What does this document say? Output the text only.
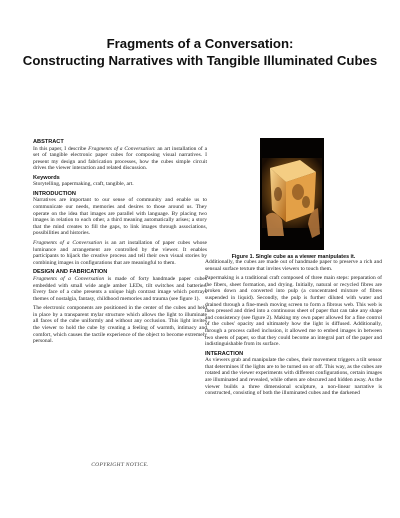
Fragments of a Conversation:
Constructing Narratives with Tangible Illuminated Cubes
ABSTRACT

In this paper, I describe Fragments of a Conversation: an art installation of a set of tangible electronic paper cubes for composing visual narratives. I present my design and fabrication processes, how the cubes simple circuit drives the viewer interaction and related discussion.

Keywords

Storytelling, papermaking, craft, tangible, art.

INTRODUCTION

Narratives are important to our sense of community and enable us to communicate our needs, memories and desires to those around us. They operate on the idea that images are parallel with language. By placing two images in relation to each other, a third meaning automatically arises; a story that the mind creates to fill the gaps, to link images through associations, possibilities and histories.

Fragments of a Conversation is an art installation of paper cubes whose luminance and arrangement are controlled by the viewer. It enables participants to hijack the creative process and tell their own visual stories by combining images in configurations that are meaningful to them.

DESIGN AND FABRICATION

Fragments of a Conversation is made of forty handmade paper cubes embedded with small wide angle amber LEDs, tilt switches and batteries. Every face of a cube presents a unique high contrast image which portrays themes of nostalgia, fantasy, childhood memories and trauma (see figure 1).

The electronic components are positioned in the center of the cubes and held in place by a transparent mylar structure which allows the light to illuminate all faces of the cube uniformly and without any occlusion. This light invites the viewer to hold the cube by creating a feeling of warmth, intimacy and comfort, which causes the tactile experience of the object to become extremely personal.

COPYRIGHT NOTICE.
Figure 1. Single cube as a viewer manipulates it.

Additionally, the cubes are made out of handmade paper to preserve a rich and sensual surface texture that invites viewers to touch them.

Papermaking is a traditional craft composed of three main steps: preparation of the fibers, sheet formation, and drying. Initially, natural or recycled fibres are broken down and converted into pulp (a concentrated mixture of fibres suspended in liquid). Secondly, the pulp is further diluted with water and drained through a fine-mesh moving screen to form a fibrous web. This web is then pressed and dried into a continuous sheet of paper that can take any shape and consistency (see figure 2). Making my own paper allowed for a fine control of the cubes' opacity and ultimately how the light is diffused. Additionally, through a process called inclusion, it allowed me to embed images in between two sheets of paper, so that they could become an integral part of the paper and indistinguishable from its surface.

INTERACTION

As viewers grab and manipulate the cubes, their movement triggers a tilt sensor that determines if the lights are to be turned on or off. This way, as the cubes are rotated and the viewer experiments with different configurations, certain images are illuminated and revealed, while others are obscured and hidden away. As the viewer builds a three dimensional sculpture, a non-linear narrative is constructed, consisting of both the illuminated cubes and the darkened
